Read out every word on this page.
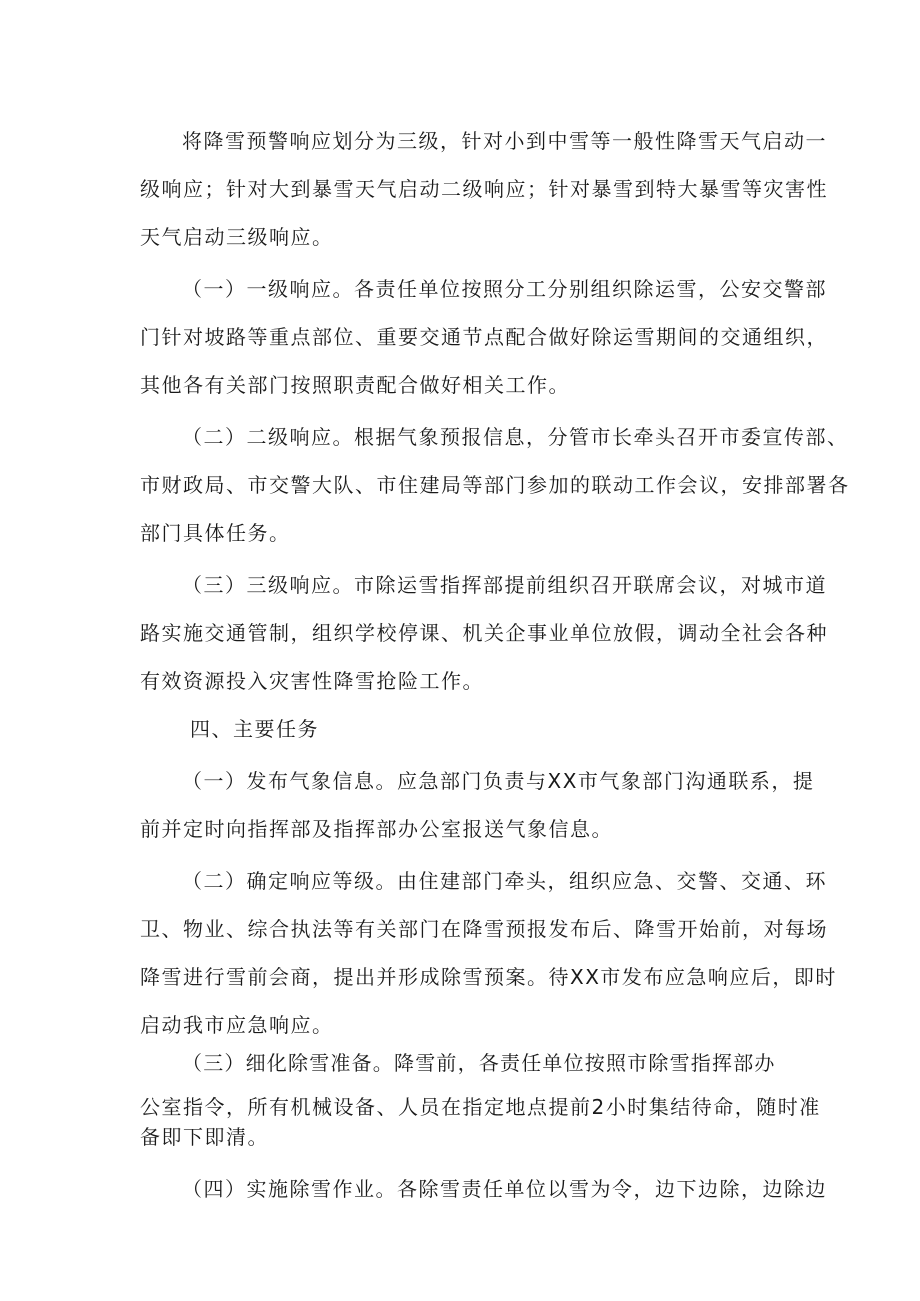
将降雪预警响应划分为三级，针对小到中雪等一般性降雪天气启动一
级响应；针对大到暴雪天气启动二级响应；针对暴雪到特大暴雪等灾害性
天气启动三级响应。
（一）一级响应。各责任单位按照分工分别组织除运雪，公安交警部
门针对坡路等重点部位、重要交通节点配合做好除运雪期间的交通组织，
其他各有关部门按照职责配合做好相关工作。
（二）二级响应。根据气象预报信息，分管市长牵头召开市委宣传部、
市财政局、市交警大队、市住建局等部门参加的联动工作会议，安排部署各
部门具体任务。
（三）三级响应。市除运雪指挥部提前组织召开联席会议，对城市道
路实施交通管制，组织学校停课、机关企事业单位放假，调动全社会各种
有效资源投入灾害性降雪抢险工作。
四、主要任务
（一）发布气象信息。应急部门负责与XX市气象部门沟通联系，提
前并定时向指挥部及指挥部办公室报送气象信息。
（二）确定响应等级。由住建部门牵头，组织应急、交警、交通、环
卫、物业、综合执法等有关部门在降雪预报发布后、降雪开始前，对每场
降雪进行雪前会商，提出并形成除雪预案。待XX市发布应急响应后，即时
启动我市应急响应。
（三）细化除雪准备。降雪前，各责任单位按照市除雪指挥部办
公室指令，所有机械设备、人员在指定地点提前2小时集结待命，随时准
备即下即清。
（四）实施除雪作业。各除雪责任单位以雪为令，边下边除，边除边
